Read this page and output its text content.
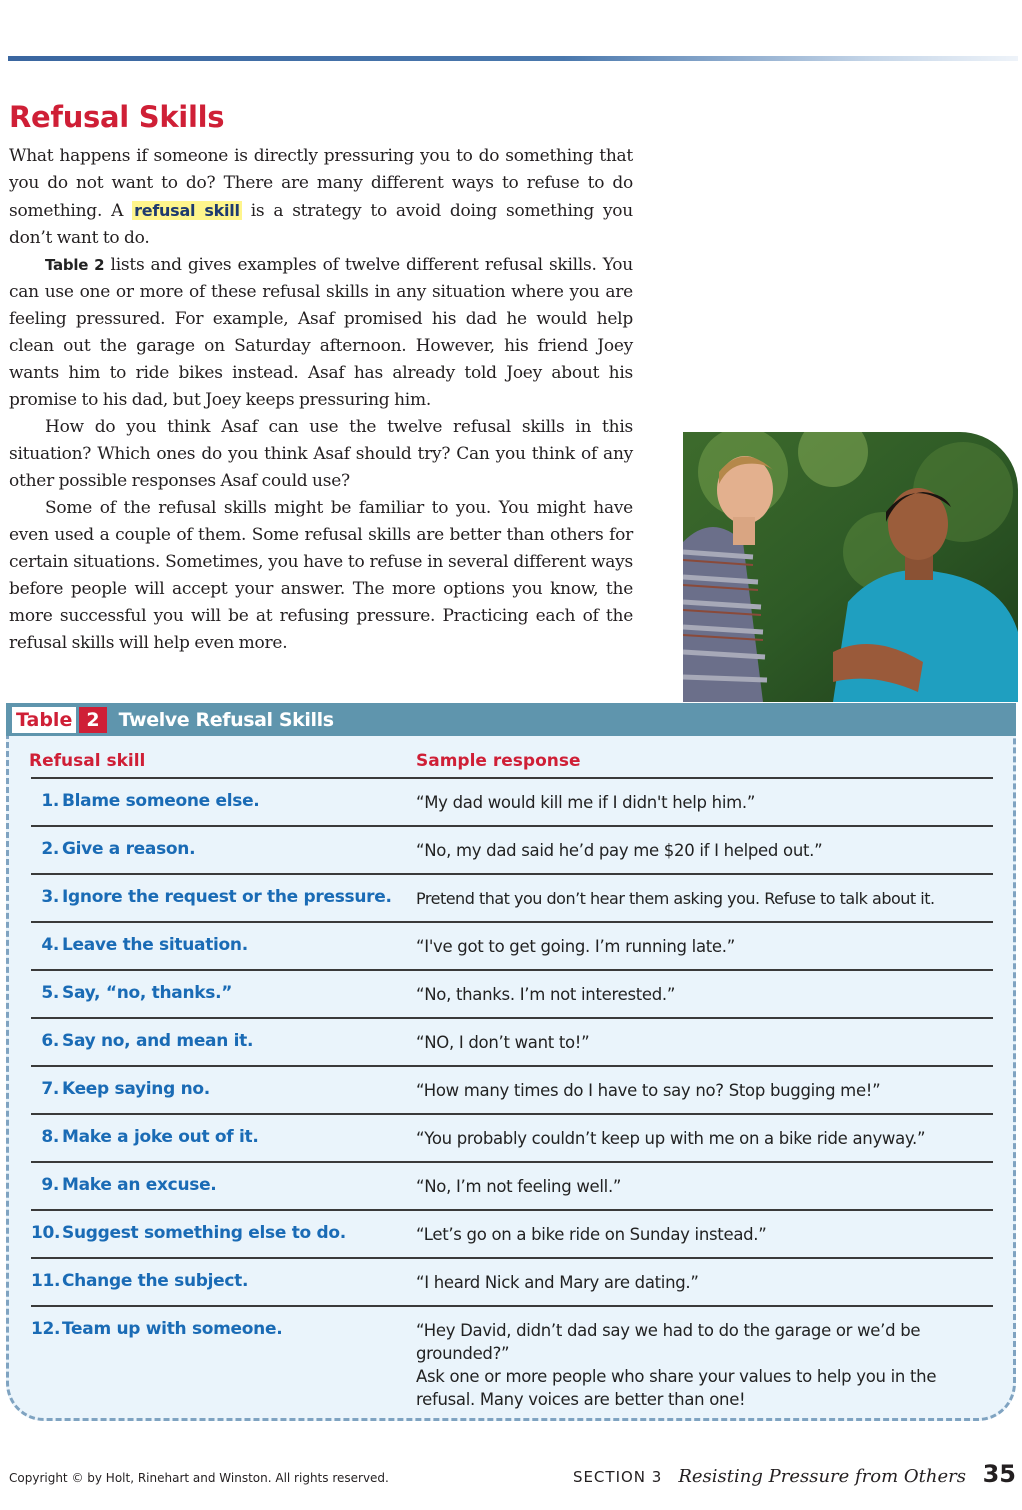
Refusal Skills

What happens if someone is directly pressuring you to do something that you do not want to do? There are many different ways to refuse to do something. A refusal skill is a strategy to avoid doing something you don’t want to do.

Table 2 lists and gives examples of twelve different refusal skills. You can use one or more of these refusal skills in any situation where you are feeling pressured. For example, Asaf promised his dad he would help clean out the garage on Saturday afternoon. However, his friend Joey wants him to ride bikes instead. Asaf has already told Joey about his promise to his dad, but Joey keeps pressuring him.

How do you think Asaf can use the twelve refusal skills in this situation? Which ones do you think Asaf should try? Can you think of any other possible responses Asaf could use?

Some of the refusal skills might be familiar to you. You might have even used a couple of them. Some refusal skills are better than others for certain situations. Sometimes, you have to refuse in several different ways before people will accept your answer. The more options you know, the more successful you will be at refusing pressure. Practicing each of the refusal skills will help even more.

Table 2	Twelve Refusal Skills
Refusal skill	Sample response
1. Blame someone else.	“My dad would kill me if I didn't help him.”
2. Give a reason.	“No, my dad said he’d pay me $20 if I helped out.”
3. Ignore the request or the pressure.	Pretend that you don’t hear them asking you. Refuse to talk about it.
4. Leave the situation.	“I've got to get going. I’m running late.”
5. Say, “no, thanks.”	“No, thanks. I’m not interested.”
6. Say no, and mean it.	“NO, I don’t want to!”
7. Keep saying no.	“How many times do I have to say no? Stop bugging me!”
8. Make a joke out of it.	“You probably couldn’t keep up with me on a bike ride anyway.”
9. Make an excuse.	“No, I’m not feeling well.”
10. Suggest something else to do.	“Let’s go on a bike ride on Sunday instead.”
11. Change the subject.	“I heard Nick and Mary are dating.”
12. Team up with someone.	“Hey David, didn’t dad say we had to do the garage or we’d be grounded?”

Ask one or more people who share your values to help you in the refusal. Many voices are better than one!

Copyright © by Holt, Rinehart and Winston. All rights reserved.	SECTION 3 Resisting Pressure from Others 35
